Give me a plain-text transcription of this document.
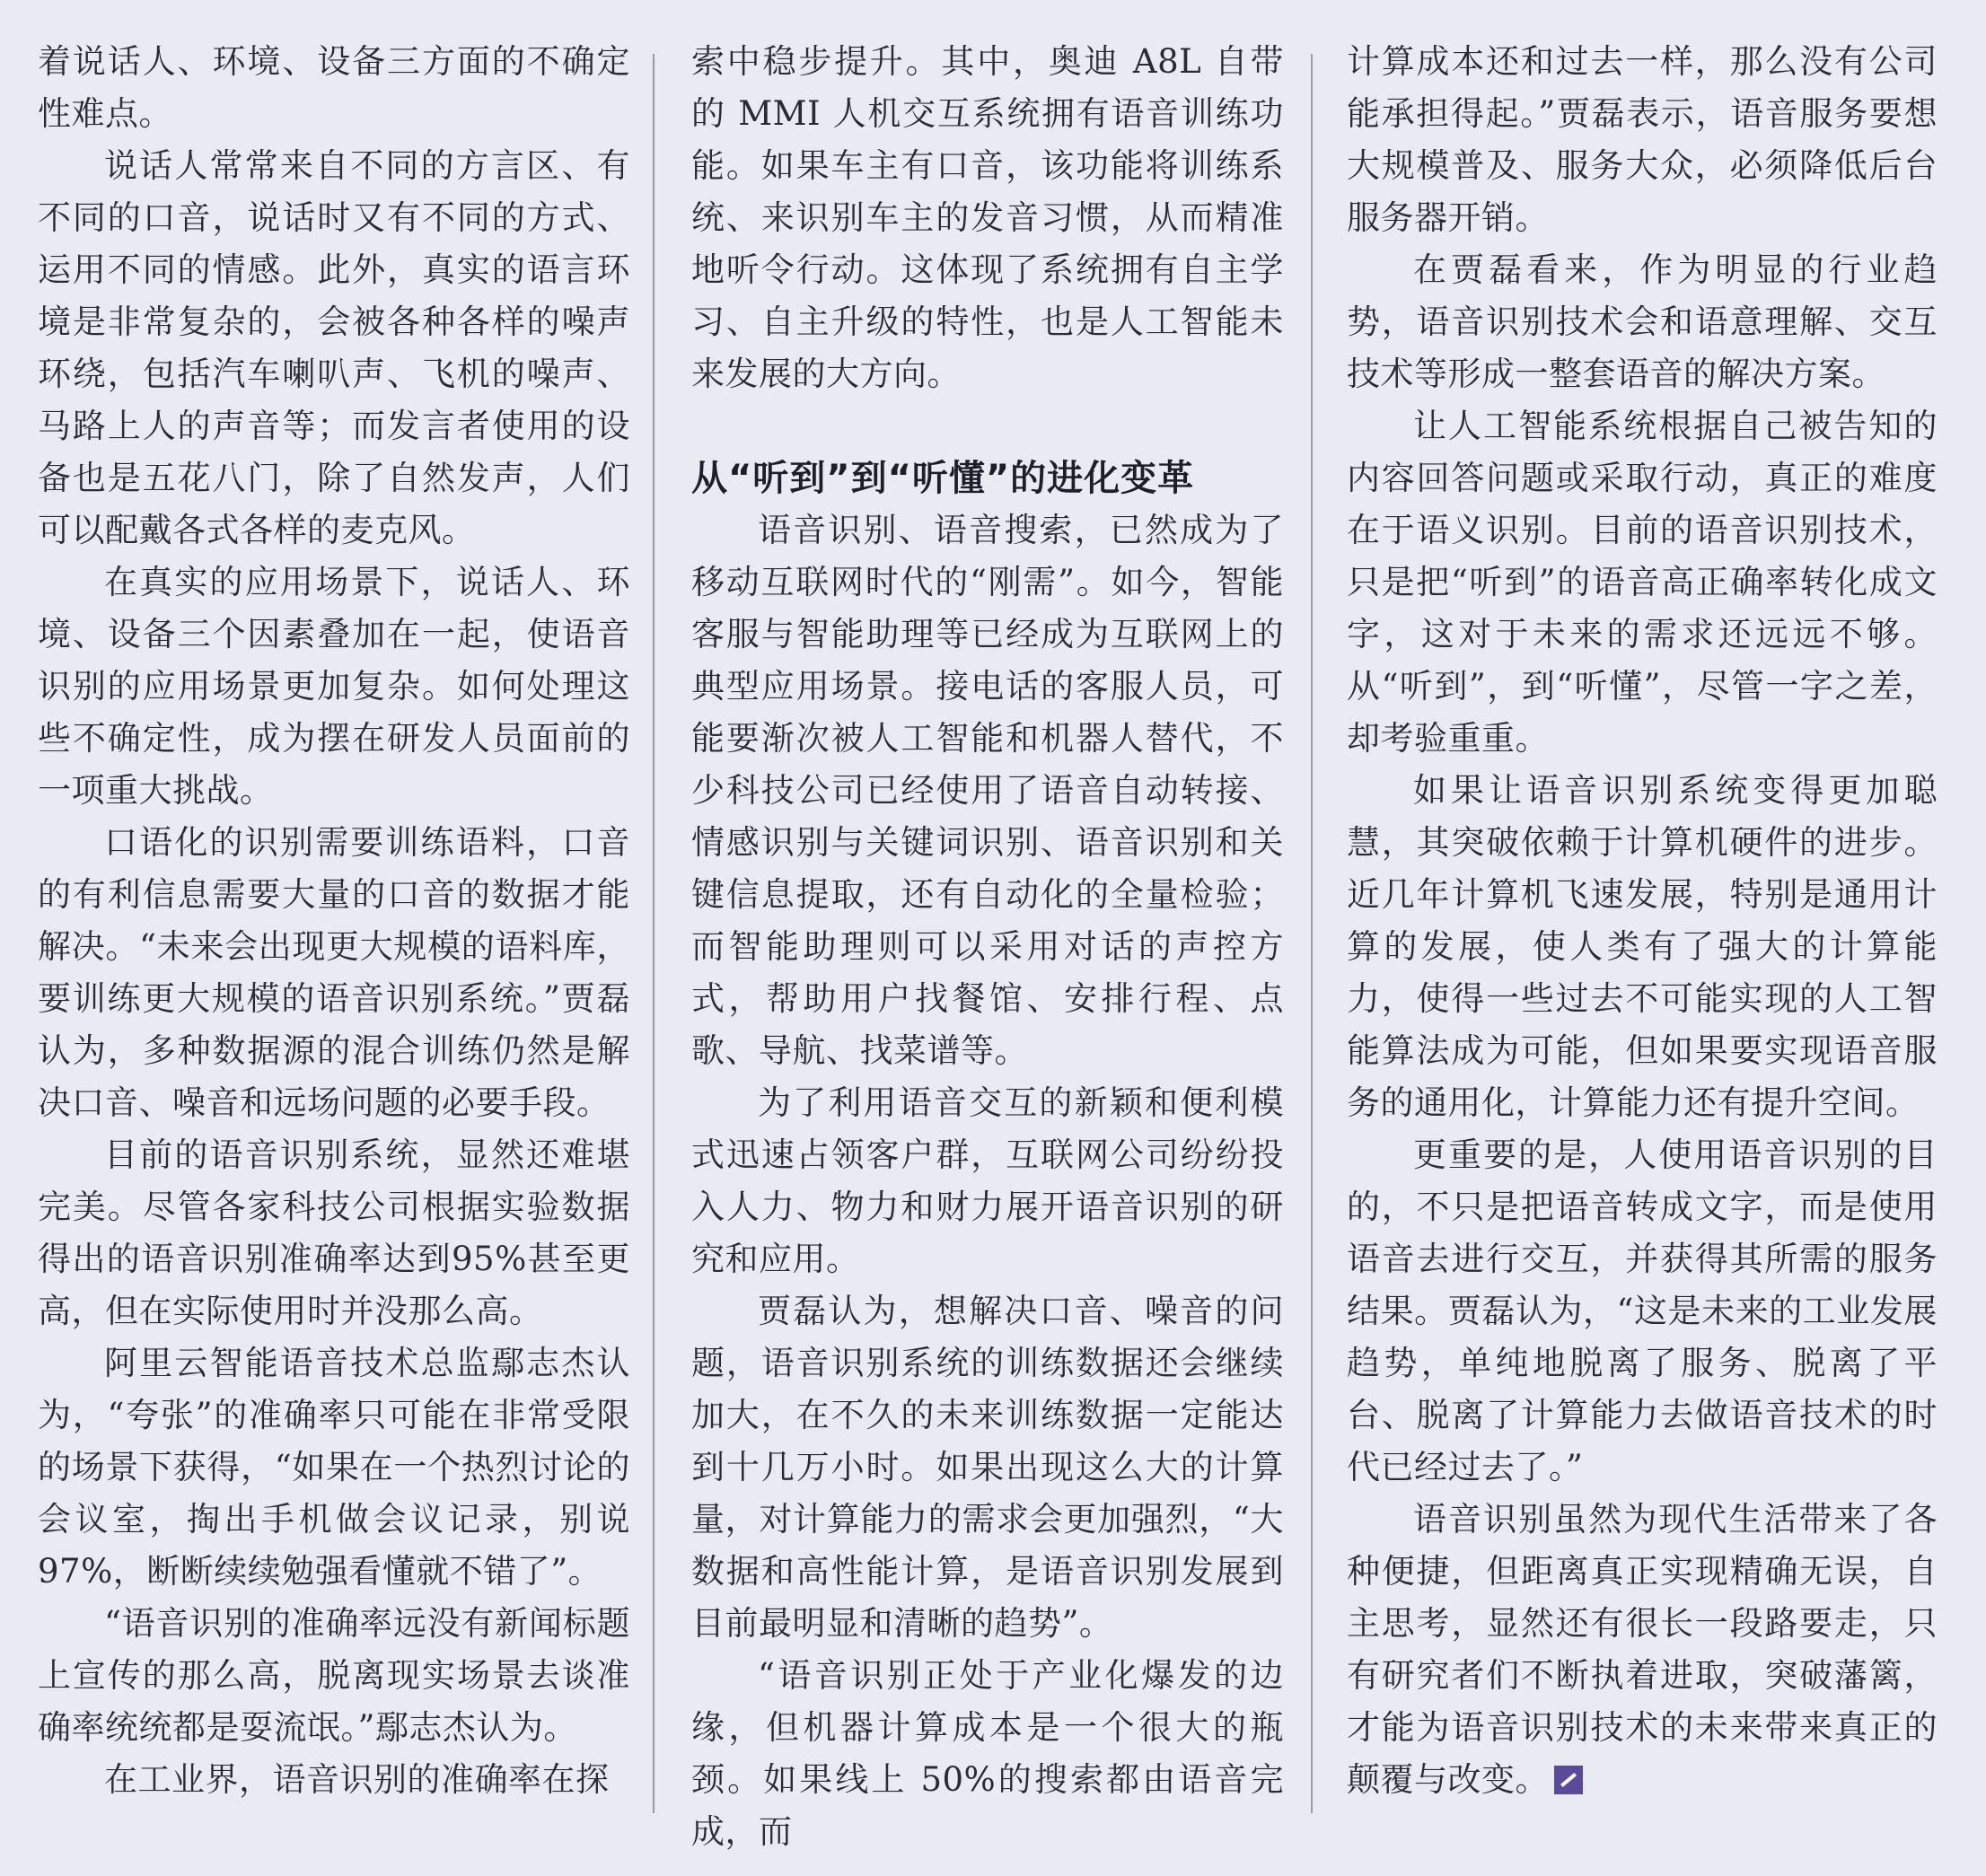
着说话人、环境、设备三方面的不确定性难点。

说话人常常来自不同的方言区、有不同的口音，说话时又有不同的方式、运用不同的情感。此外，真实的语言环境是非常复杂的，会被各种各样的噪声环绕，包括汽车喇叭声、飞机的噪声、马路上人的声音等；而发言者使用的设备也是五花八门，除了自然发声，人们可以配戴各式各样的麦克风。

在真实的应用场景下，说话人、环境、设备三个因素叠加在一起，使语音识别的应用场景更加复杂。如何处理这些不确定性，成为摆在研发人员面前的一项重大挑战。

口语化的识别需要训练语料，口音的有利信息需要大量的口音的数据才能解决。“未来会出现更大规模的语料库，要训练更大规模的语音识别系统。”贾磊认为，多种数据源的混合训练仍然是解决口音、噪音和远场问题的必要手段。

目前的语音识别系统，显然还难堪完美。尽管各家科技公司根据实验数据得出的语音识别准确率达到95%甚至更高，但在实际使用时并没那么高。

阿里云智能语音技术总监鄢志杰认为，“夸张”的准确率只可能在非常受限的场景下获得，“如果在一个热烈讨论的会议室，掏出手机做会议记录，别说97%，断断续续勉强看懂就不错了”。

“语音识别的准确率远没有新闻标题上宣传的那么高，脱离现实场景去谈准确率统统都是耍流氓。”鄢志杰认为。

在工业界，语音识别的准确率在探

索中稳步提升。其中，奥迪 A8L 自带的 MMI 人机交互系统拥有语音训练功能。如果车主有口音，该功能将训练系统、来识别车主的发音习惯，从而精准地听令行动。这体现了系统拥有自主学习、自主升级的特性，也是人工智能未来发展的大方向。

从“听到”到“听懂”的进化变革

语音识别、语音搜索，已然成为了移动互联网时代的“刚需”。如今，智能客服与智能助理等已经成为互联网上的典型应用场景。接电话的客服人员，可能要渐次被人工智能和机器人替代，不少科技公司已经使用了语音自动转接、情感识别与关键词识别、语音识别和关键信息提取，还有自动化的全量检验；而智能助理则可以采用对话的声控方式，帮助用户找餐馆、安排行程、点歌、导航、找菜谱等。

为了利用语音交互的新颖和便利模式迅速占领客户群，互联网公司纷纷投入人力、物力和财力展开语音识别的研究和应用。

贾磊认为，想解决口音、噪音的问题，语音识别系统的训练数据还会继续加大，在不久的未来训练数据一定能达到十几万小时。如果出现这么大的计算量，对计算能力的需求会更加强烈，“大数据和高性能计算，是语音识别发展到目前最明显和清晰的趋势”。

“语音识别正处于产业化爆发的边缘，但机器计算成本是一个很大的瓶颈。如果线上 50%的搜索都由语音完成，而

计算成本还和过去一样，那么没有公司能承担得起。”贾磊表示，语音服务要想大规模普及、服务大众，必须降低后台服务器开销。

在贾磊看来，作为明显的行业趋势，语音识别技术会和语意理解、交互技术等形成一整套语音的解决方案。

让人工智能系统根据自己被告知的内容回答问题或采取行动，真正的难度在于语义识别。目前的语音识别技术，只是把“听到”的语音高正确率转化成文字，这对于未来的需求还远远不够。从“听到”，到“听懂”，尽管一字之差，却考验重重。

如果让语音识别系统变得更加聪慧，其突破依赖于计算机硬件的进步。近几年计算机飞速发展，特别是通用计算的发展，使人类有了强大的计算能力，使得一些过去不可能实现的人工智能算法成为可能，但如果要实现语音服务的通用化，计算能力还有提升空间。

更重要的是，人使用语音识别的目的，不只是把语音转成文字，而是使用语音去进行交互，并获得其所需的服务结果。贾磊认为，“这是未来的工业发展趋势，单纯地脱离了服务、脱离了平台、脱离了计算能力去做语音技术的时代已经过去了。”

语音识别虽然为现代生活带来了各种便捷，但距离真正实现精确无误，自主思考，显然还有很长一段路要走，只有研究者们不断执着进取，突破藩篱，才能为语音识别技术的未来带来真正的颠覆与改变。
